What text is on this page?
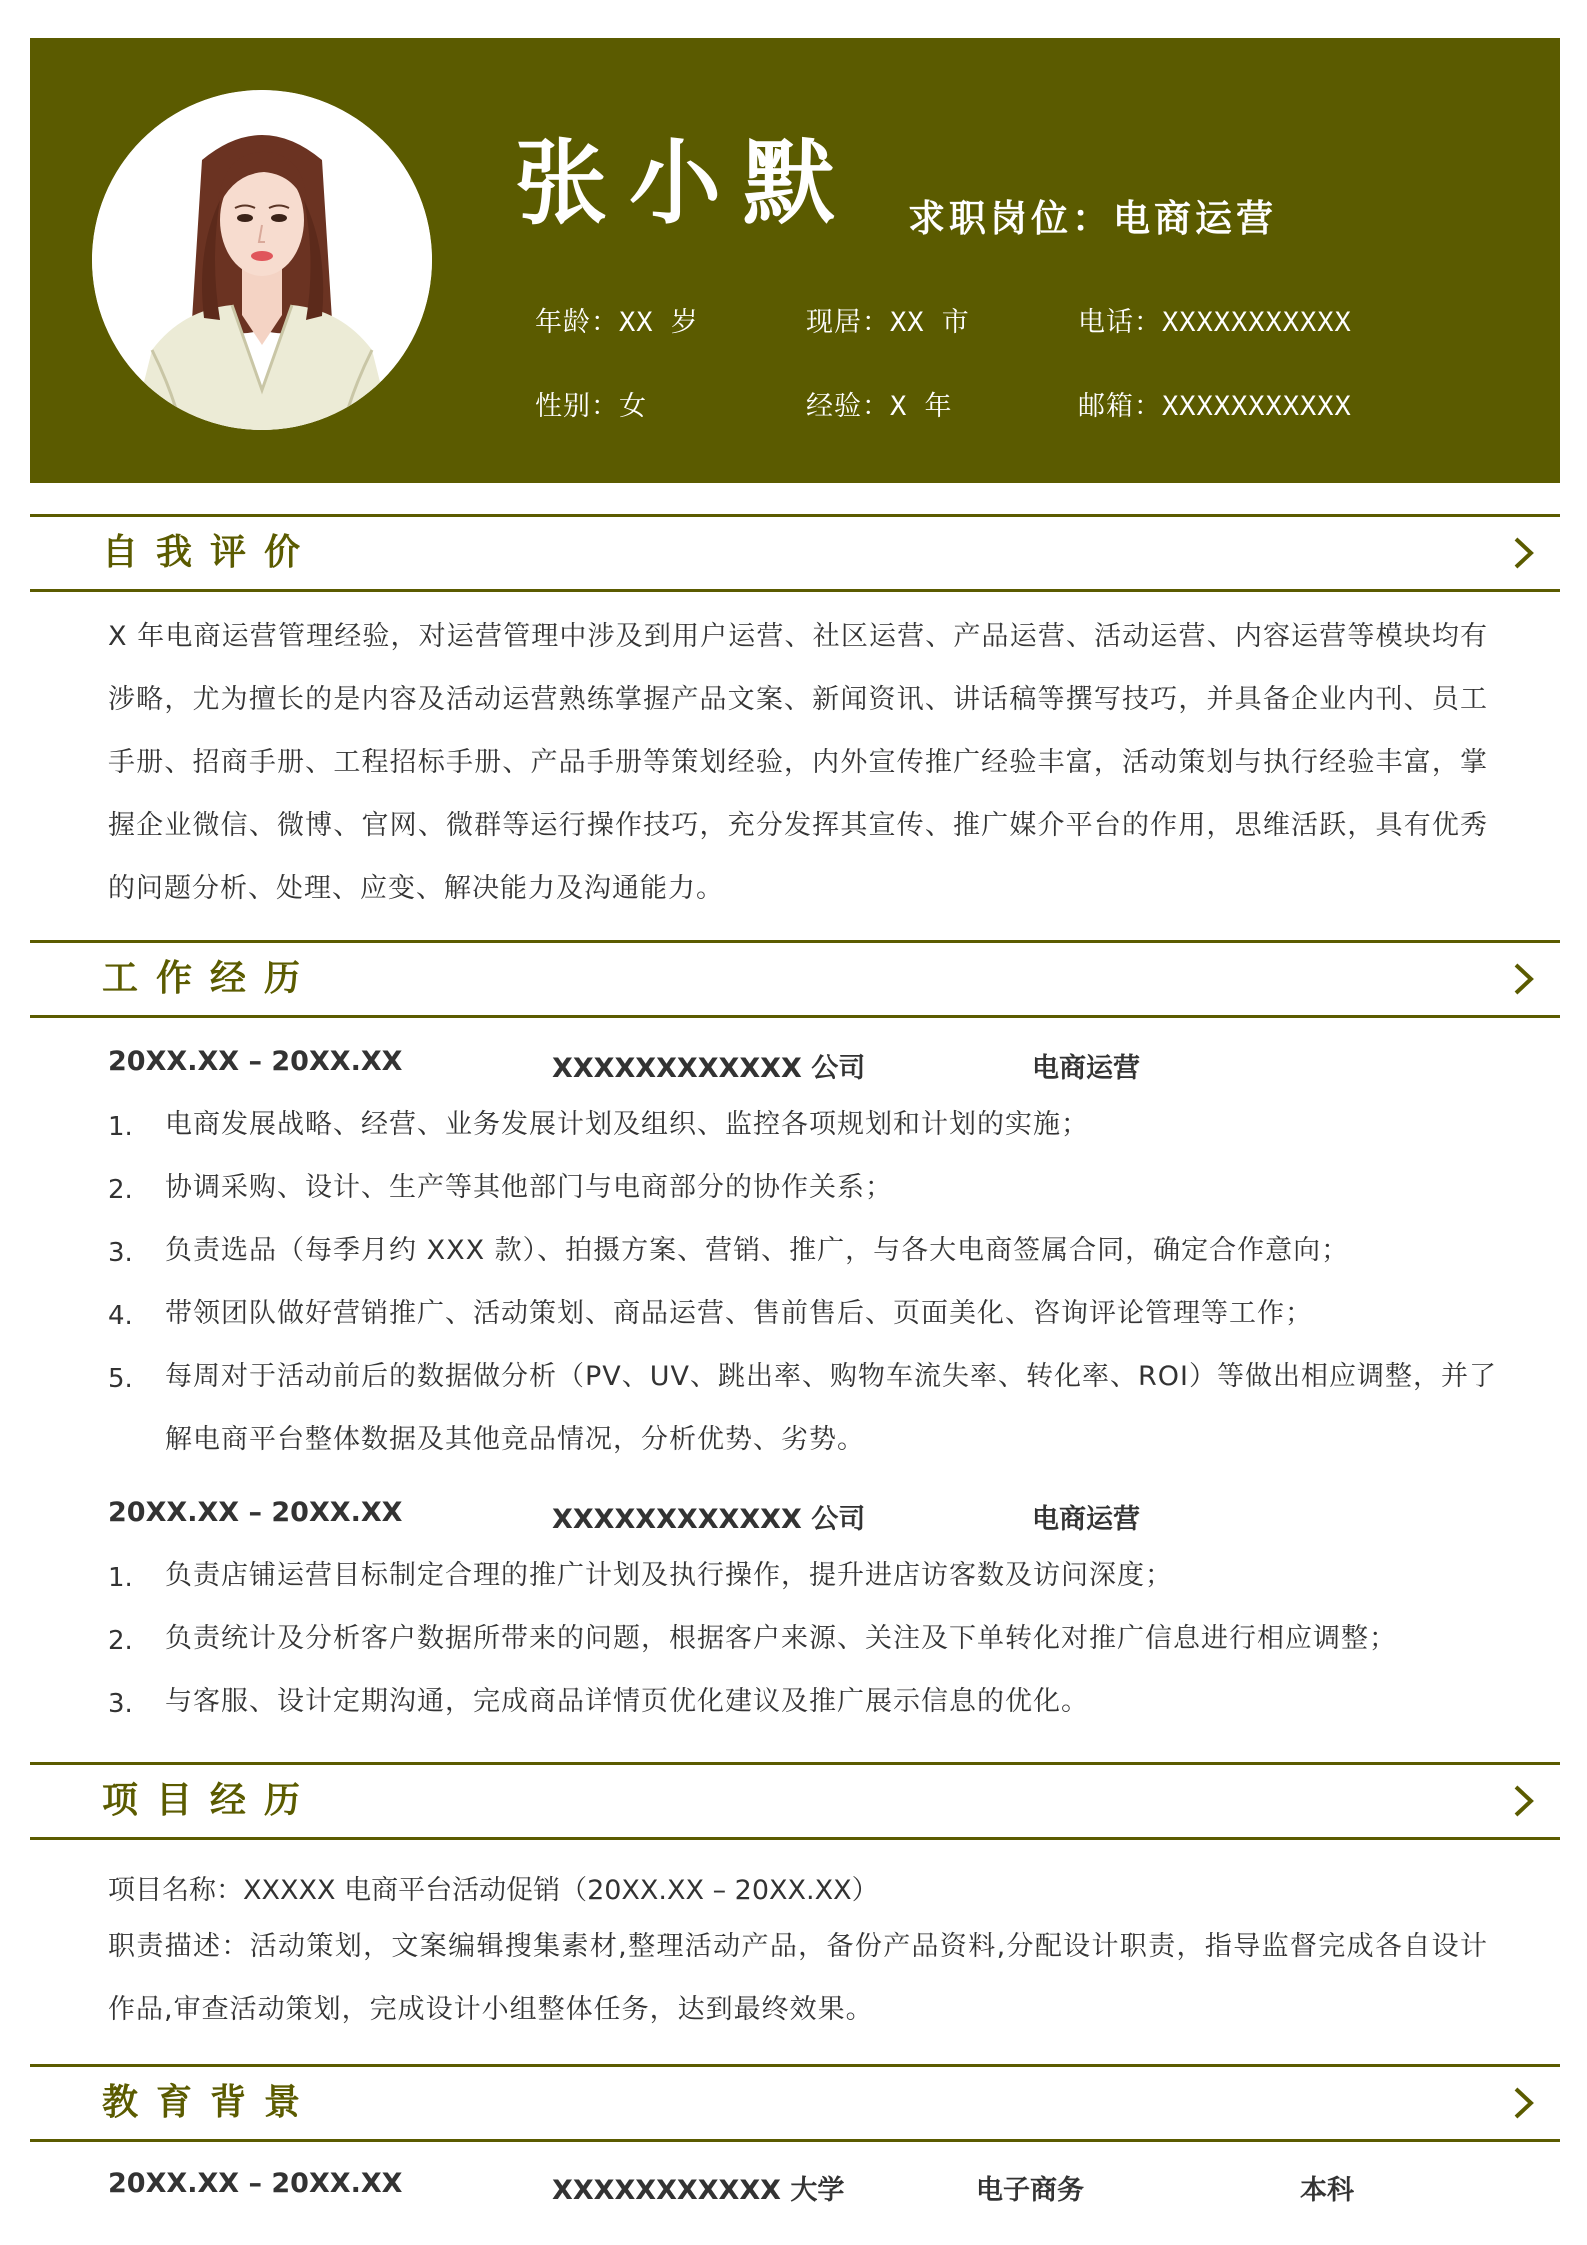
张小默 求职岗位：电商运营
年龄：XX 岁	现居：XX 市	电话：XXXXXXXXXXX
性别：女	经验：X 年	邮箱：XXXXXXXXXXX
自我评价

X 年电商运营管理经验，对运营管理中涉及到用户运营、社区运营、产品运营、活动运营、内容运营等模块均有涉略，尤为擅长的是内容及活动运营熟练掌握产品文案、新闻资讯、讲话稿等撰写技巧，并具备企业内刊、员工手册、招商手册、工程招标手册、产品手册等策划经验，内外宣传推广经验丰富，活动策划与执行经验丰富，掌握企业微信、微博、官网、微群等运行操作技巧，充分发挥其宣传、推广媒介平台的作用，思维活跃，具有优秀的问题分析、处理、应变、解决能力及沟通能力。

工作经历
20XX.XX – 20XX.XX	XXXXXXXXXXXX 公司	电商运营
1. 电商发展战略、经营、业务发展计划及组织、监控各项规划和计划的实施；
2. 协调采购、设计、生产等其他部门与电商部分的协作关系；
3. 负责选品（每季月约 XXX 款）、拍摄方案、营销、推广，与各大电商签属合同，确定合作意向；
4. 带领团队做好营销推广、活动策划、商品运营、售前售后、页面美化、咨询评论管理等工作；
5. 每周对于活动前后的数据做分析（PV、UV、跳出率、购物车流失率、转化率、ROI）等做出相应调整，并了解电商平台整体数据及其他竞品情况，分析优势、劣势。
20XX.XX – 20XX.XX	XXXXXXXXXXXX 公司	电商运营
1. 负责店铺运营目标制定合理的推广计划及执行操作，提升进店访客数及访问深度；
2. 负责统计及分析客户数据所带来的问题，根据客户来源、关注及下单转化对推广信息进行相应调整；
3. 与客服、设计定期沟通，完成商品详情页优化建议及推广展示信息的优化。
项目经历
项目名称：XXXXX 电商平台活动促销（20XX.XX – 20XX.XX）

职责描述：活动策划，文案编辑搜集素材,整理活动产品，备份产品资料,分配设计职责，指导监督完成各自设计作品,审查活动策划，完成设计小组整体任务，达到最终效果。

教育背景
20XX.XX – 20XX.XX	XXXXXXXXXXX 大学	电子商务	本科
